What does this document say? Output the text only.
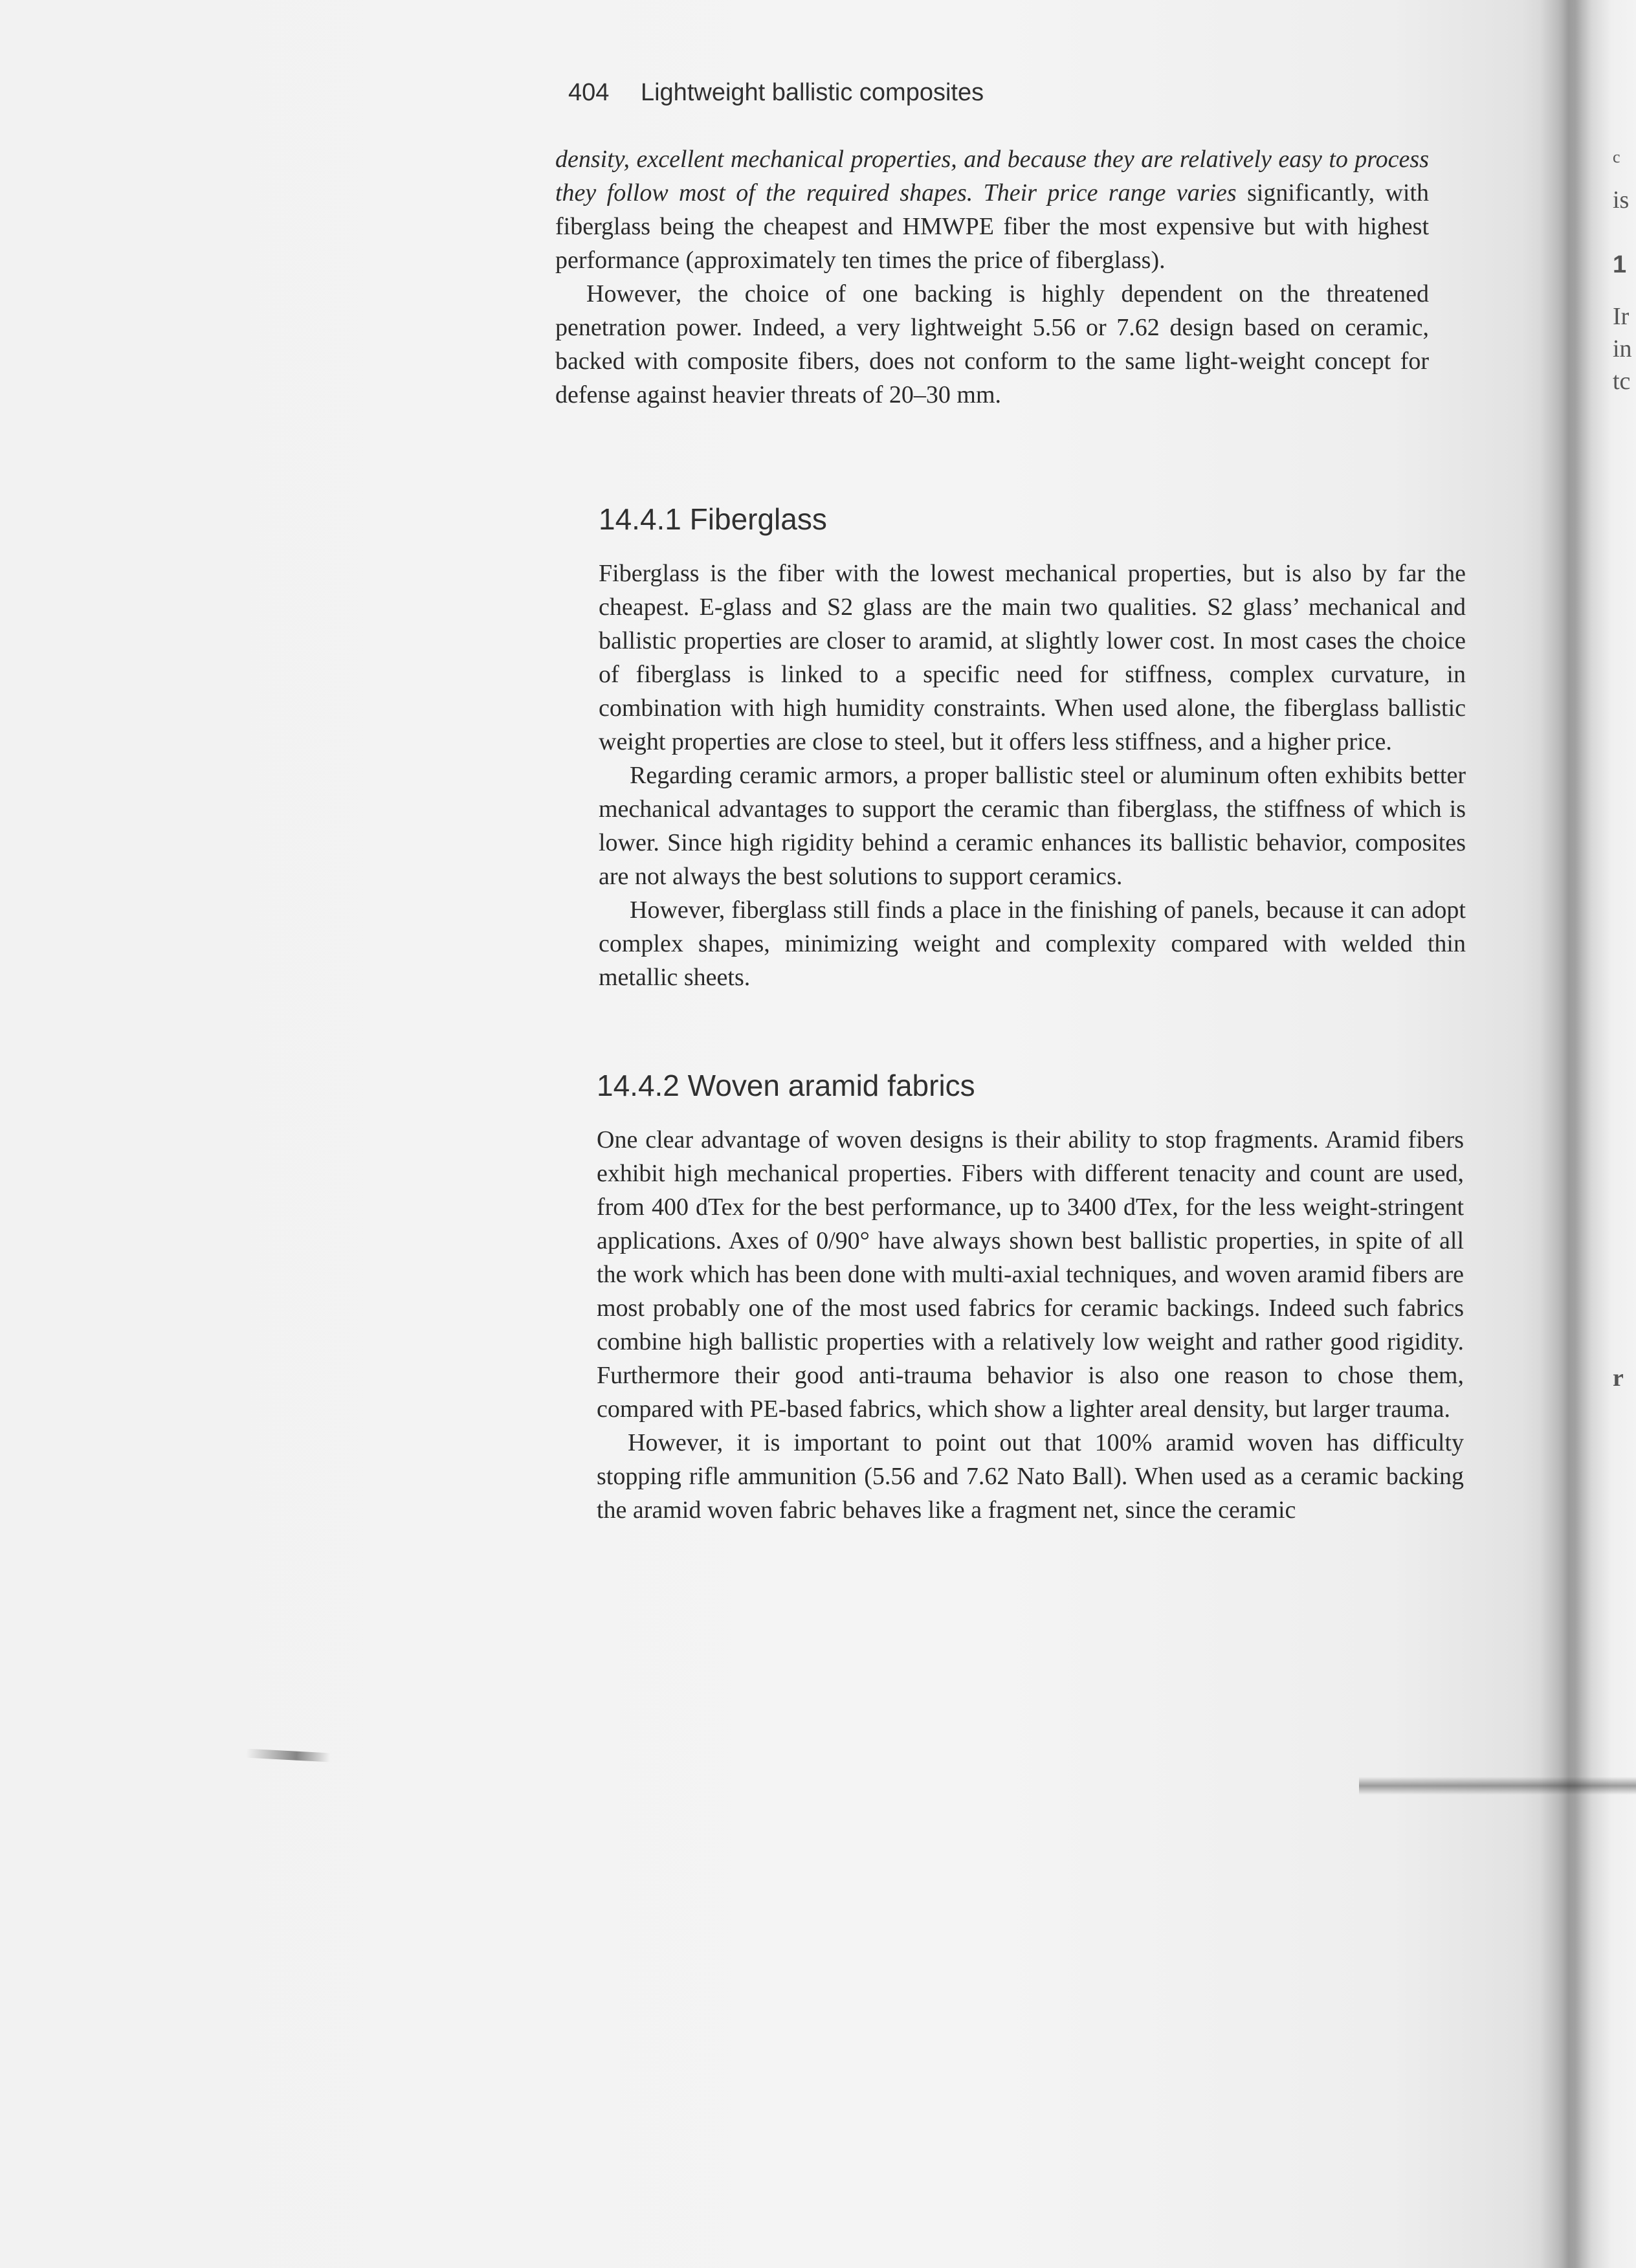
c
is
1
Ir
in
tc
r
404 Lightweight ballistic composites

density, excellent mechanical properties, and because they are relatively easy to process they follow most of the required shapes. Their price range varies significantly, with fiberglass being the cheapest and HMWPE fiber the most expensive but with highest performance (approximately ten times the price of fiberglass).

However, the choice of one backing is highly dependent on the threatened penetration power. Indeed, a very lightweight 5.56 or 7.62 design based on ceramic, backed with composite fibers, does not conform to the same light-weight concept for defense against heavier threats of 20–30 mm.

14.4.1 Fiberglass

Fiberglass is the fiber with the lowest mechanical properties, but is also by far the cheapest. E-glass and S2 glass are the main two qualities. S2 glass’ mechanical and ballistic properties are closer to aramid, at slightly lower cost. In most cases the choice of fiberglass is linked to a specific need for stiffness, complex curvature, in combination with high humidity constraints. When used alone, the fiberglass ballistic weight properties are close to steel, but it offers less stiffness, and a higher price.

Regarding ceramic armors, a proper ballistic steel or aluminum often exhibits better mechanical advantages to support the ceramic than fiberglass, the stiffness of which is lower. Since high rigidity behind a ceramic enhances its ballistic behavior, composites are not always the best solutions to support ceramics.

However, fiberglass still finds a place in the finishing of panels, because it can adopt complex shapes, minimizing weight and complexity compared with welded thin metallic sheets.

14.4.2 Woven aramid fabrics

One clear advantage of woven designs is their ability to stop fragments. Aramid fibers exhibit high mechanical properties. Fibers with different tenacity and count are used, from 400 dTex for the best performance, up to 3400 dTex, for the less weight-stringent applications. Axes of 0/90° have always shown best ballistic properties, in spite of all the work which has been done with multi-axial techniques, and woven aramid fibers are most probably one of the most used fabrics for ceramic backings. Indeed such fabrics combine high ballistic properties with a relatively low weight and rather good rigidity. Furthermore their good anti-trauma behavior is also one reason to chose them, compared with PE-based fabrics, which show a lighter areal density, but larger trauma.

However, it is important to point out that 100% aramid woven has difficulty stopping rifle ammunition (5.56 and 7.62 Nato Ball). When used as a ceramic backing the aramid woven fabric behaves like a fragment net, since the ceramic
